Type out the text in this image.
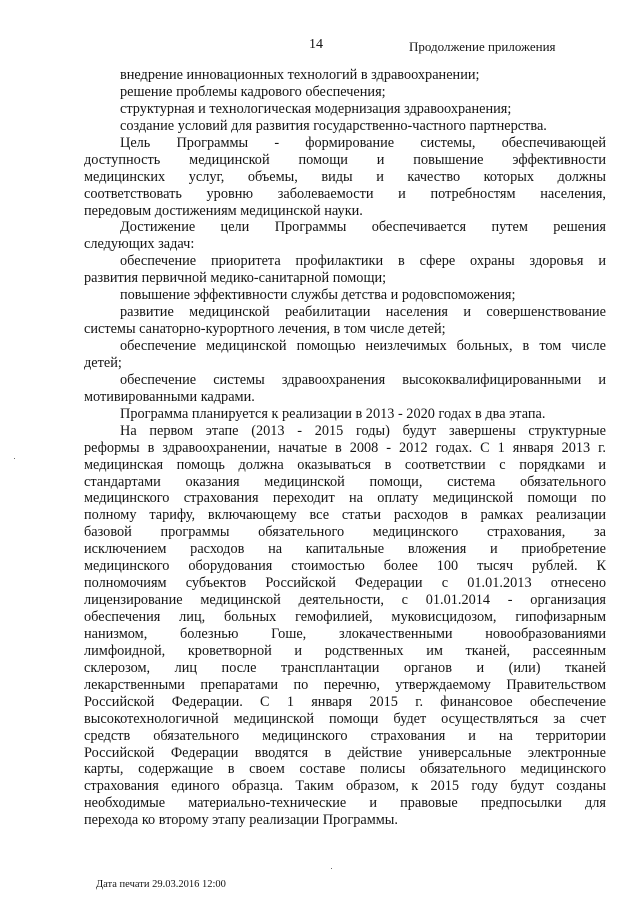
14	Продолжение приложения
внедрение инновационных технологий в здравоохранении;
решение проблемы кадрового обеспечения;
структурная и технологическая модернизация здравоохранения;
создание условий для развития государственно-частного партнерства.
Цель Программы - формирование системы, обеспечивающей
доступность медицинской помощи и повышение эффективности
медицинских услуг, объемы, виды и качество которых должны
соответствовать уровню заболеваемости и потребностям населения,
передовым достижениям медицинской науки.
Достижение цели Программы обеспечивается путем решения
следующих задач:
обеспечение приоритета профилактики в сфере охраны здоровья и
развития первичной медико-санитарной помощи;
повышение эффективности службы детства и родовспоможения;
развитие медицинской реабилитации населения и совершенствование
системы санаторно-курортного лечения, в том числе детей;
обеспечение медицинской помощью неизлечимых больных, в том числе
детей;
обеспечение системы здравоохранения высококвалифицированными и
мотивированными кадрами.
Программа планируется к реализации в 2013 - 2020 годах в два этапа.
На первом этапе (2013 - 2015 годы) будут завершены структурные
реформы в здравоохранении, начатые в 2008 - 2012 годах. С 1 января 2013 г.
медицинская помощь должна оказываться в соответствии с порядками и
стандартами оказания медицинской помощи, система обязательного
медицинского страхования переходит на оплату медицинской помощи по
полному тарифу, включающему все статьи расходов в рамках реализации
базовой программы обязательного медицинского страхования, за
исключением расходов на капитальные вложения и приобретение
медицинского оборудования стоимостью более 100 тысяч рублей. К
полномочиям субъектов Российской Федерации с 01.01.2013 отнесено
лицензирование медицинской деятельности, с 01.01.2014 - организация
обеспечения лиц, больных гемофилией, муковисцидозом, гипофизарным
нанизмом, болезнью Гоше, злокачественными новообразованиями
лимфоидной, кроветворной и родственных им тканей, рассеянным
склерозом, лиц после трансплантации органов и (или) тканей
лекарственными препаратами по перечню, утверждаемому Правительством
Российской Федерации. С 1 января 2015 г. финансовое обеспечение
высокотехнологичной медицинской помощи будет осуществляться за счет
средств обязательного медицинского страхования и на территории
Российской Федерации вводятся в действие универсальные электронные
карты, содержащие в своем составе полисы обязательного медицинского
страхования единого образца. Таким образом, к 2015 году будут созданы
необходимые материально-технические и правовые предпосылки для
перехода ко второму этапу реализации Программы.
Дата печати 29.03.2016 12:00
